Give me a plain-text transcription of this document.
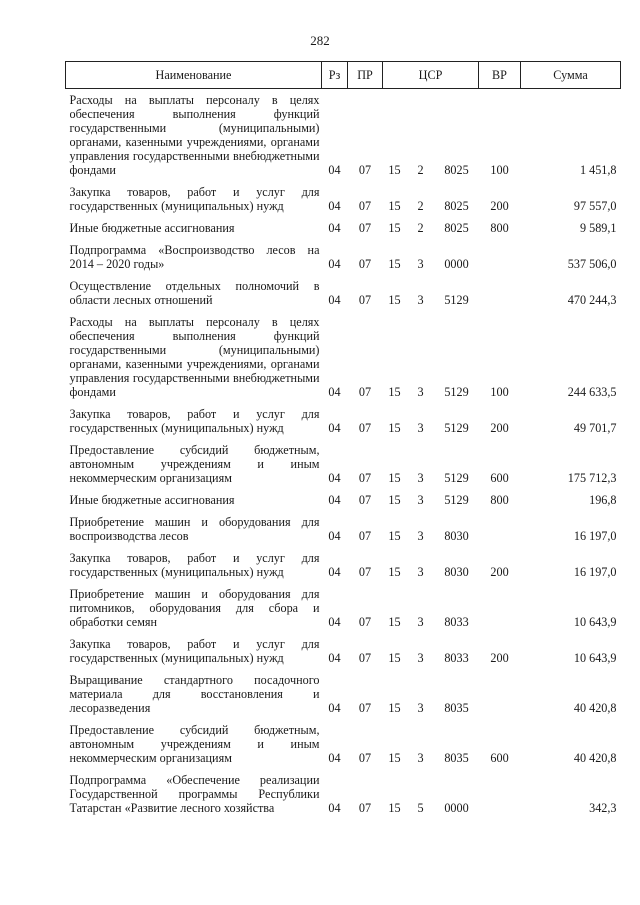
282
Наименование	Рз	ПР	ЦСР			ВР	Сумма
Расходы на выплаты персоналу в целях обеспечения выполнения функций государственными (муниципальными) органами, казенными учреждениями, органами управления государственными внебюджетными фондами	04	07	15	2	8025	100	1 451,8
Закупка товаров, работ и услуг для государственных (муниципальных) нужд	04	07	15	2	8025	200	97 557,0
Иные бюджетные ассигнования	04	07	15	2	8025	800	9 589,1
Подпрограмма «Воспроизводство лесов на 2014 – 2020 годы»	04	07	15	3	0000		537 506,0
Осуществление отдельных полномочий в области лесных отношений	04	07	15	3	5129		470 244,3
Расходы на выплаты персоналу в целях обеспечения выполнения функций государственными (муниципальными) органами, казенными учреждениями, органами управления государственными внебюджетными фондами	04	07	15	3	5129	100	244 633,5
Закупка товаров, работ и услуг для государственных (муниципальных) нужд	04	07	15	3	5129	200	49 701,7
Предоставление субсидий бюджетным, автономным учреждениям и иным некоммерческим организациям	04	07	15	3	5129	600	175 712,3
Иные бюджетные ассигнования	04	07	15	3	5129	800	196,8
Приобретение машин и оборудования для воспроизводства лесов	04	07	15	3	8030		16 197,0
Закупка товаров, работ и услуг для государственных (муниципальных) нужд	04	07	15	3	8030	200	16 197,0
Приобретение машин и оборудования для питомников, оборудования для сбора и обработки семян	04	07	15	3	8033		10 643,9
Закупка товаров, работ и услуг для государственных (муниципальных) нужд	04	07	15	3	8033	200	10 643,9
Выращивание стандартного посадочного материала для восстановления и лесоразведения	04	07	15	3	8035		40 420,8
Предоставление субсидий бюджетным, автономным учреждениям и иным некоммерческим организациям	04	07	15	3	8035	600	40 420,8
Подпрограмма «Обеспечение реализации Государственной программы Республики Татарстан «Развитие лесного хозяйства	04	07	15	5	0000		342,3
